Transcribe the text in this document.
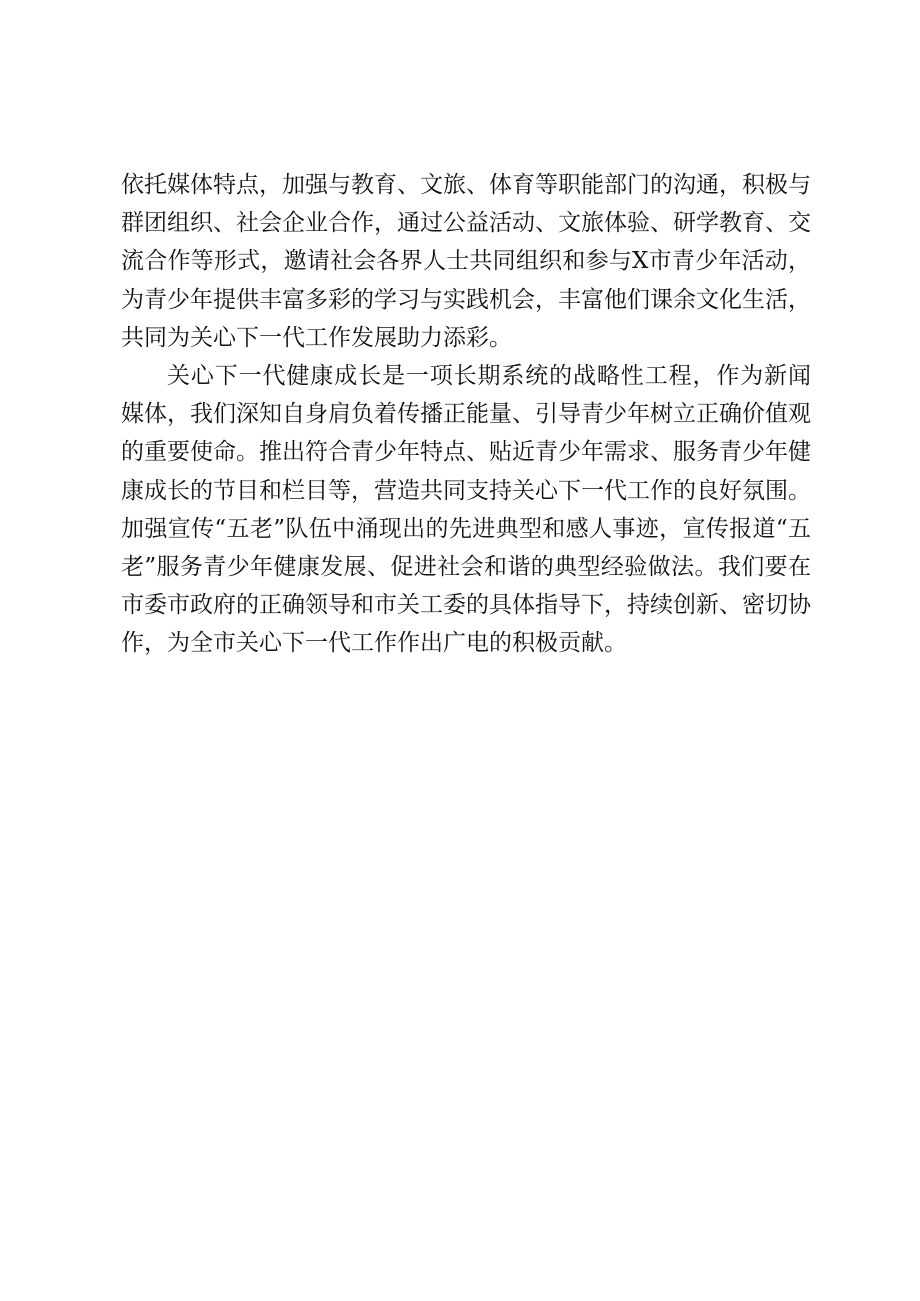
依托媒体特点，加强与教育、文旅、体育等职能部门的沟通，积极与
群团组织、社会企业合作，通过公益活动、文旅体验、研学教育、交
流合作等形式，邀请社会各界人士共同组织和参与X市青少年活动，
为青少年提供丰富多彩的学习与实践机会，丰富他们课余文化生活，
共同为关心下一代工作发展助力添彩。
关心下一代健康成长是一项长期系统的战略性工程，作为新闻
媒体，我们深知自身肩负着传播正能量、引导青少年树立正确价值观
的重要使命。推出符合青少年特点、贴近青少年需求、服务青少年健
康成长的节目和栏目等，营造共同支持关心下一代工作的良好氛围。
加强宣传“五老”队伍中涌现出的先进典型和感人事迹，宣传报道“五
老”服务青少年健康发展、促进社会和谐的典型经验做法。我们要在
市委市政府的正确领导和市关工委的具体指导下，持续创新、密切协
作，为全市关心下一代工作作出广电的积极贡献。
